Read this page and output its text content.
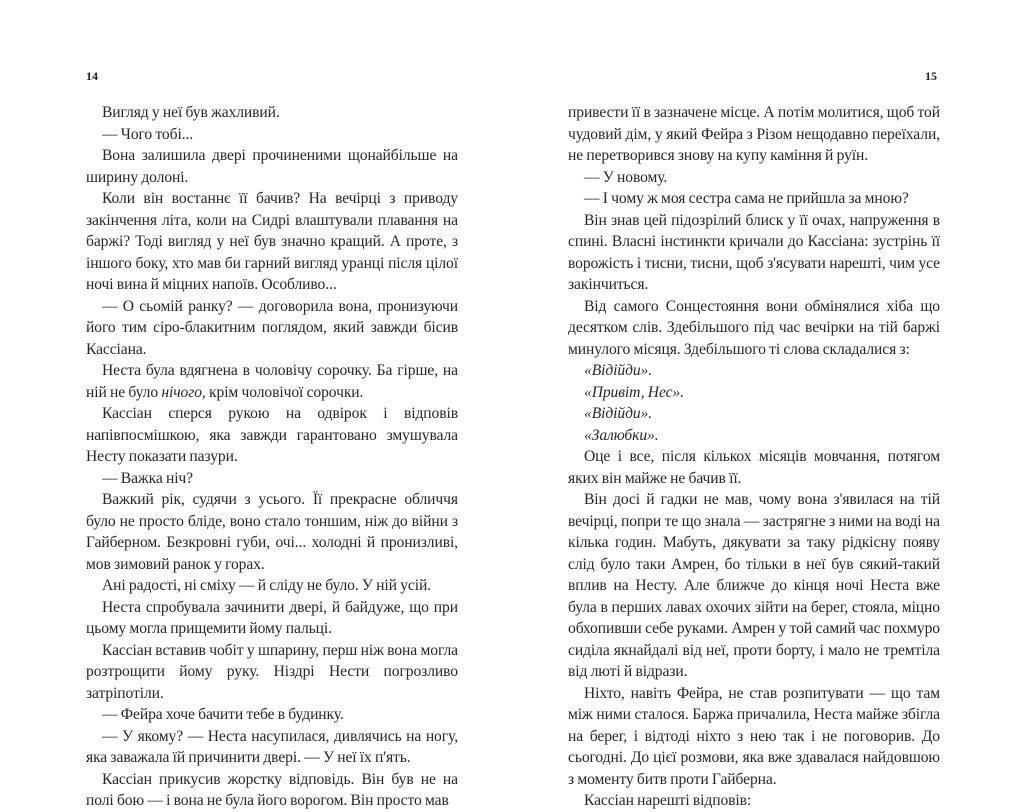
14	15

Вигляд у неї був жахливий.

— Чого тобі...

Вона залишила двері прочиненими щонайбільше на ширину долоні.

Коли він востаннє її бачив? На вечірці з приводу закінчення літа, коли на Сидрі влаштували плавання на баржі? Тоді вигляд у неї був значно кращий. А проте, з іншого боку, хто мав би гарний вигляд уранці після цілої ночі вина й міцних напоїв. Особливо...

— О сьомій ранку? — договорила вона, пронизуючи його тим сіро-блакитним поглядом, який завжди бісив Кассіана.

Неста була вдягнена в чоловічу сорочку. Ба гірше, на ній не було нічого, крім чоловічої сорочки.

Кассіан сперся рукою на одвірок і відповів напівпосмішкою, яка завжди гарантовано змушувала Несту показати пазури.

— Важка ніч?

Важкий рік, судячи з усього. Її прекрасне обличчя було не просто бліде, воно стало тоншим, ніж до війни з Гайберном. Безкровні губи, очі... холодні й пронизливі, мов зимовий ранок у горах.

Ані радості, ні сміху — й сліду не було. У ній усій.

Неста спробувала зачинити двері, й байдуже, що при цьому могла прищемити йому пальці.

Кассіан вставив чобіт у шпарину, перш ніж вона могла розтрощити йому руку. Ніздрі Нести погрозливо затріпотіли.

— Фейра хоче бачити тебе в будинку.

— У якому? — Неста насупилася, дивлячись на ногу, яка заважала їй причинити двері. — У неї їх п'ять.

Кассіан прикусив жорстку відповідь. Він був не на полі бою — і вона не була його ворогом. Він просто мав

привести її в зазначене місце. А потім молитися, щоб той чудовий дім, у який Фейра з Різом нещодавно переїхали, не перетворився знову на купу каміння й руїн.

— У новому.

— І чому ж моя сестра сама не прийшла за мною?

Він знав цей підозрілий блиск у її очах, напруження в спині. Власні інстинкти кричали до Кассіана: зустрінь її ворожість і тисни, тисни, щоб з'ясувати нарешті, чим усе закінчиться.

Від самого Сонцестояння вони обмінялися хіба що десятком слів. Здебільшого під час вечірки на тій баржі минулого місяця. Здебільшого ті слова складалися з:

«Відійди».

«Привіт, Нес».

«Відійди».

«Залюбки».

Оце і все, після кількох місяців мовчання, потягом яких він майже не бачив її.

Він досі й гадки не мав, чому вона з'явилася на тій вечірці, попри те що знала — застрягне з ними на воді на кілька годин. Мабуть, дякувати за таку рідкісну появу слід було таки Амрен, бо тільки в неї був сякий-такий вплив на Несту. Але ближче до кінця ночі Неста вже була в перших лавах охочих зійти на берег, стояла, міцно обхопивши себе руками. Амрен у той самий час похмуро сиділа якнайдалі від неї, проти борту, і мало не тремтіла від люті й відрази.

Ніхто, навіть Фейра, не став розпитувати — що там між ними сталося. Баржа причалила, Неста майже збігла на берег, і відтоді ніхто з нею так і не поговорив. До сьогодні. До цієї розмови, яка вже здавалася найдовшою з моменту битв проти Гайберна.

Кассіан нарешті відповів:
